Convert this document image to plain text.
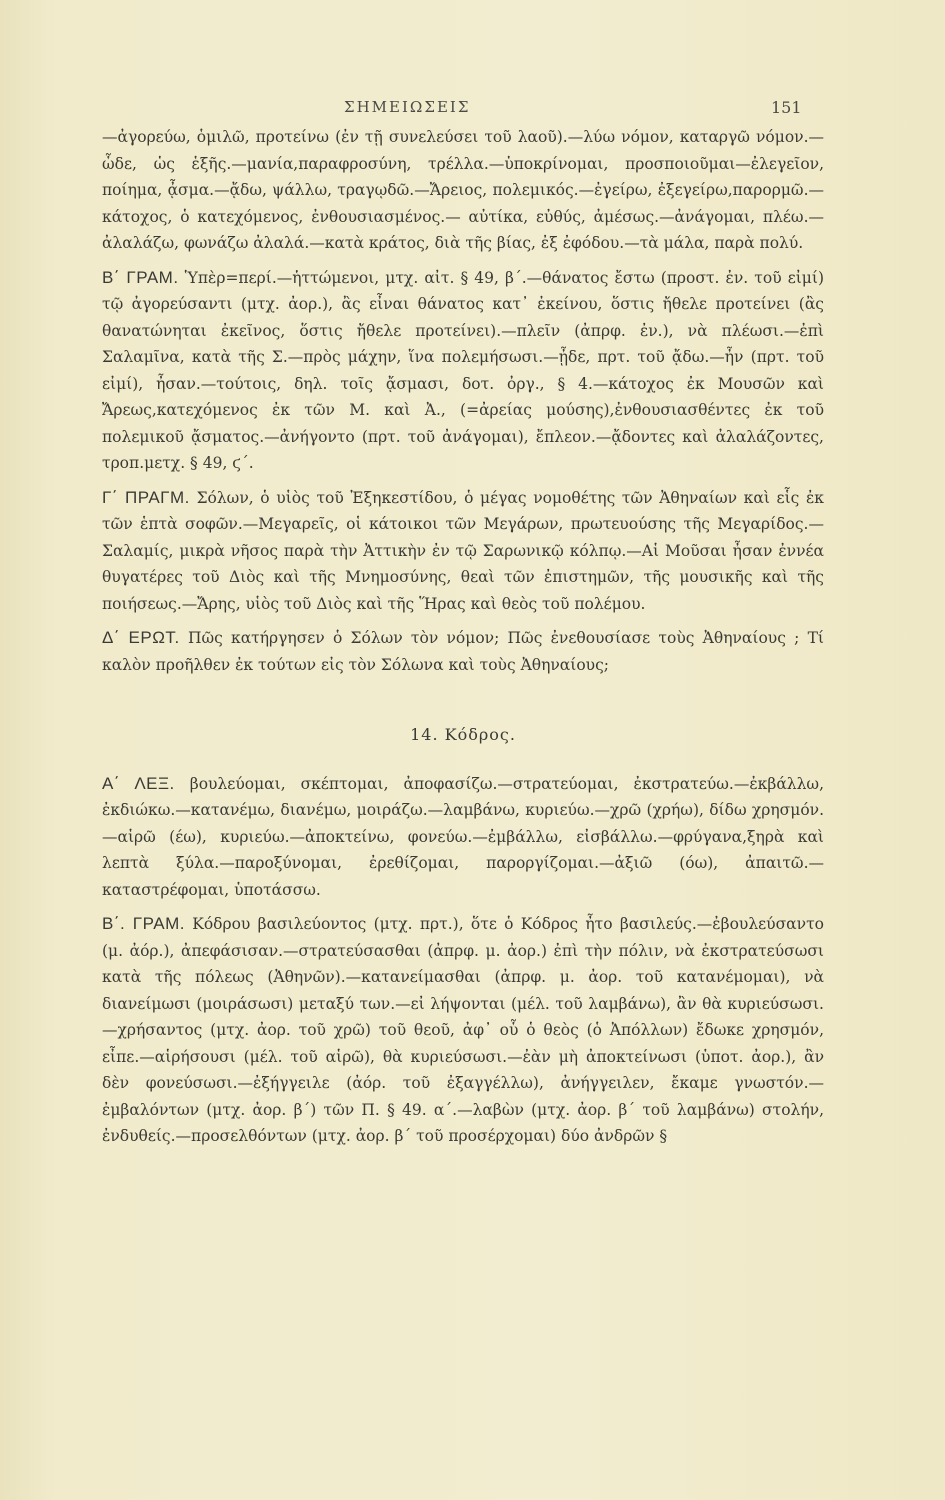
ΣΗΜΕΙΩΣΕΙΣ	151

—ἀγορεύω, ὁμιλῶ, προτείνω (ἐν τῇ συνελεύσει τοῦ λαοῦ).—λύω νόμον, καταργῶ νόμον.—ὧδε, ὡς ἑξῆς.—μανία,παραφροσύνη, τρέλλα.—ὑποκρίνομαι, προσποιοῦμαι—ἐλεγεῖον, ποίημα, ᾆσμα.—ᾄδω, ψάλλω, τραγῳδῶ.—Ἄρειος, πολεμικός.—ἐγείρω, ἐξεγείρω,παρορμῶ.—κάτοχος, ὁ κατεχόμενος, ἐνθουσιασμένος.— αὐτίκα, εὐθύς, ἀμέσως.—ἀνάγομαι, πλέω.—ἀλαλάζω, φωνάζω ἀλαλά.—κατὰ κράτος, διὰ τῆς βίας, ἐξ ἐφόδου.—τὰ μάλα, παρὰ πολύ.

Β΄ ΓΡΑΜ. Ὑπὲρ=περί.—ἡττώμενοι, μτχ. αἰτ. § 49, β΄.—θάνατος ἔστω (προστ. ἐν. τοῦ εἰμί) τῷ ἀγορεύσαντι (μτχ. ἀορ.), ἂς εἶναι θάνατος κατ᾽ ἐκείνου, ὅστις ἤθελε προτείνει (ἂς θανατώνηται ἐκεῖνος, ὅστις ἤθελε προτείνει).—πλεῖν (ἀπρφ. ἐν.), νὰ πλέωσι.—ἐπὶ Σαλαμῖνα, κατὰ τῆς Σ.—πρὸς μάχην, ἵνα πολεμήσωσι.—ᾖδε, πρτ. τοῦ ᾄδω.—ἦν (πρτ. τοῦ εἰμί), ἦσαν.—τούτοις, δηλ. τοῖς ᾄσμασι, δοτ. ὀργ., § 4.—κάτοχος ἐκ Μουσῶν καὶ Ἄρεως,κατεχόμενος ἐκ τῶν Μ. καὶ Ἀ., (=ἀρείας μούσης),ἐνθουσιασθέντες ἐκ τοῦ πολεμικοῦ ᾄσματος.—ἀνήγοντο (πρτ. τοῦ ἀνάγομαι), ἔπλεον.—ᾄδοντες καὶ ἀλαλάζοντες, τροπ.μετχ. § 49, ϛ΄.

Γ΄ ΠΡΑΓΜ. Σόλων, ὁ υἱὸς τοῦ Ἐξηκεστίδου, ὁ μέγας νομοθέτης τῶν Ἀθηναίων καὶ εἷς ἐκ τῶν ἑπτὰ σοφῶν.—Μεγαρεῖς, οἱ κάτοικοι τῶν Μεγάρων, πρωτευούσης τῆς Μεγαρίδος.—Σαλαμίς, μικρὰ νῆσος παρὰ τὴν Ἀττικὴν ἐν τῷ Σαρωνικῷ κόλπῳ.—Αἱ Μοῦσαι ἦσαν ἐννέα θυγατέρες τοῦ Διὸς καὶ τῆς Μνημοσύνης, θεαὶ τῶν ἐπιστημῶν, τῆς μουσικῆς καὶ τῆς ποιήσεως.—Ἄρης, υἱὸς τοῦ Διὸς καὶ τῆς Ἥρας καὶ θεὸς τοῦ πολέμου.

Δ΄ ΕΡΩΤ. Πῶς κατήργησεν ὁ Σόλων τὸν νόμον; Πῶς ἐνεθουσίασε τοὺς Ἀθηναίους ; Τί καλὸν προῆλθεν ἐκ τούτων εἰς τὸν Σόλωνα καὶ τοὺς Ἀθηναίους;

14. Κόδρος.

Α΄ ΛΕΞ. βουλεύομαι, σκέπτομαι, ἀποφασίζω.—στρατεύομαι, ἐκστρατεύω.—ἐκβάλλω, ἐκδιώκω.—κατανέμω, διανέμω, μοιράζω.—λαμβάνω, κυριεύω.—χρῶ (χρήω), δίδω χρησμόν.—αἱρῶ (έω), κυριεύω.—ἀποκτείνω, φονεύω.—ἐμβάλλω, εἰσβάλλω.—φρύγανα,ξηρὰ καὶ λεπτὰ ξύλα.—παροξύνομαι, ἐρεθίζομαι, παροργίζομαι.—ἀξιῶ (όω), ἀπαιτῶ.—καταστρέφομαι, ὑποτάσσω.

Β΄. ΓΡΑΜ. Κόδρου βασιλεύοντος (μτχ. πρτ.), ὅτε ὁ Κόδρος ἦτο βασιλεύς.—ἐβουλεύσαντο (μ. ἀόρ.), ἀπεφάσισαν.—στρατεύσασθαι (ἀπρφ. μ. ἀορ.) ἐπὶ τὴν πόλιν, νὰ ἐκστρατεύσωσι κατὰ τῆς πόλεως (Ἀθηνῶν).—κατανείμασθαι (ἀπρφ. μ. ἀορ. τοῦ κατανέμομαι), νὰ διανείμωσι (μοιράσωσι) μεταξύ των.—εἰ λήψονται (μέλ. τοῦ λαμβάνω), ἂν θὰ κυριεύσωσι.—χρήσαντος (μτχ. ἀορ. τοῦ χρῶ) τοῦ θεοῦ, ἀφ᾽ οὗ ὁ θεὸς (ὁ Ἀπόλλων) ἔδωκε χρησμόν, εἶπε.—αἱρήσουσι (μέλ. τοῦ αἱρῶ), θὰ κυριεύσωσι.—ἐὰν μὴ ἀποκτείνωσι (ὑποτ. ἀορ.), ἂν δὲν φονεύσωσι.—ἐξήγγειλε (ἀόρ. τοῦ ἐξαγγέλλω), ἀνήγγειλεν, ἔκαμε γνωστόν.—ἐμβαλόντων (μτχ. ἀορ. β΄) τῶν Π. § 49. α΄.—λαβὼν (μτχ. ἀορ. β΄ τοῦ λαμβάνω) στολήν, ἐνδυθείς.—προσελθόντων (μτχ. ἀορ. β΄ τοῦ προσέρχομαι) δύο ἀνδρῶν §
